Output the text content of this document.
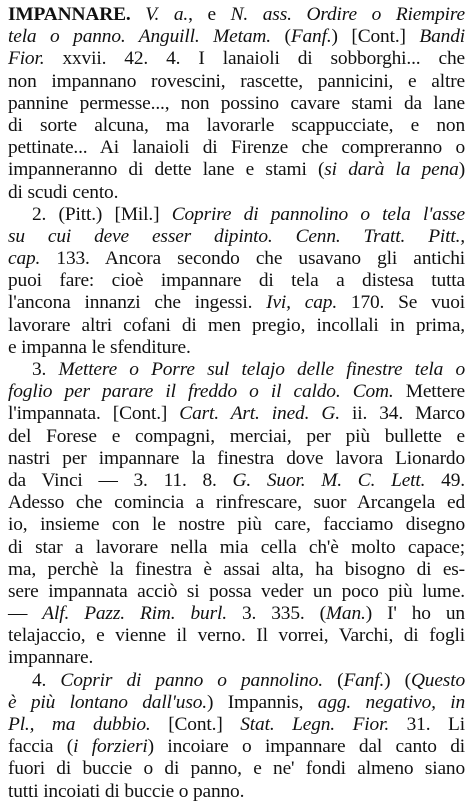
IMPANNARE. V. a., e N. ass. Ordire o Riempire
tela o panno. Anguill. Metam. (Fanf.) [Cont.] Bandi
Fior. xxvii. 42. 4. I lanaioli di sobborghi... che
non impannano rovescini, rascette, pannicini, e altre
pannine permesse..., non possino cavare stami da lane
di sorte alcuna, ma lavorarle scappucciate, e non
pettinate... Ai lanaioli di Firenze che compreranno o
impanneranno di dette lane e stami (si darà la pena)
di scudi cento.
2. (Pitt.) [Mil.] Coprire di pannolino o tela l'asse
su cui deve esser dipinto. Cenn. Tratt. Pitt.,
cap. 133. Ancora secondo che usavano gli antichi
puoi fare: cioè impannare di tela a distesa tutta
l'ancona innanzi che ingessi. Ivi, cap. 170. Se vuoi
lavorare altri cofani di men pregio, incollali in prima,
e impanna le sfenditure.
3. Mettere o Porre sul telajo delle finestre tela o
foglio per parare il freddo o il caldo. Com. Mettere
l'impannata. [Cont.] Cart. Art. ined. G. ii. 34. Marco
del Forese e compagni, merciai, per più bullette e
nastri per impannare la finestra dove lavora Lionardo
da Vinci — 3. 11. 8. G. Suor. M. C. Lett. 49.
Adesso che comincia a rinfrescare, suor Arcangela ed
io, insieme con le nostre più care, facciamo disegno
di star a lavorare nella mia cella ch'è molto capace;
ma, perchè la finestra è assai alta, ha bisogno di es-
sere impannata acciò si possa veder un poco più lume.
— Alf. Pazz. Rim. burl. 3. 335. (Man.) I' ho un
telajaccio, e vienne il verno. Il vorrei, Varchi, di fogli
impannare.
4. Coprir di panno o pannolino. (Fanf.) (Questo
è più lontano dall'uso.) Impannis, agg. negativo, in
Pl., ma dubbio. [Cont.] Stat. Legn. Fior. 31. Li
faccia (i forzieri) incoiare o impannare dal canto di
fuori di buccie o di panno, e ne' fondi almeno siano
tutti incoiati di buccie o panno.
